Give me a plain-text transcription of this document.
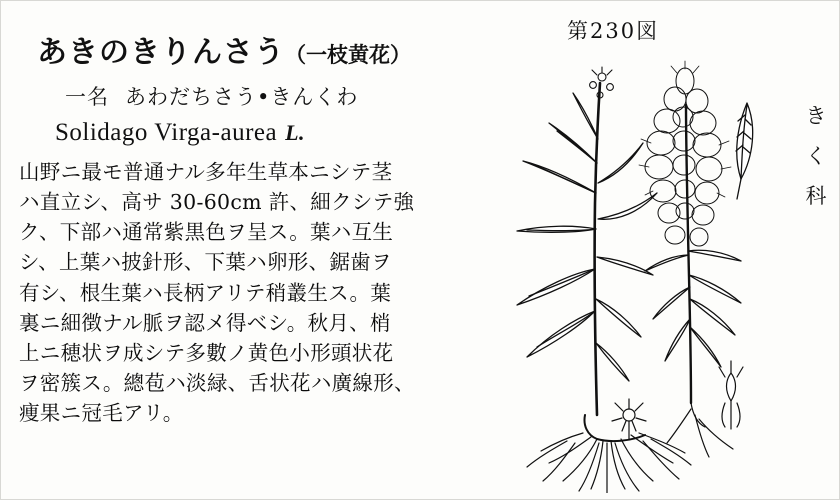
あきのきりんさう（一枝黄花）
一名 あわだちさう•きんくわ
Solidago Virga-aurea L.
山野ニ最モ普通ナル多年生草本ニシテ茎
ハ直立シ、高サ 30-60cm 許、細クシテ強
ク、下部ハ通常紫黒色ヲ呈ス。葉ハ互生
シ、上葉ハ披針形、下葉ハ卵形、鋸歯ヲ
有シ、根生葉ハ長柄アリテ稍叢生ス。葉
裏ニ細徴ナル脈ヲ認メ得ベシ。秋月、梢
上ニ穂状ヲ成シテ多數ノ黄色小形頭状花
ヲ密簇ス。總苞ハ淡緑、舌状花ハ廣線形、
痩果ニ冠毛アリ。
第230図
き
く
科
